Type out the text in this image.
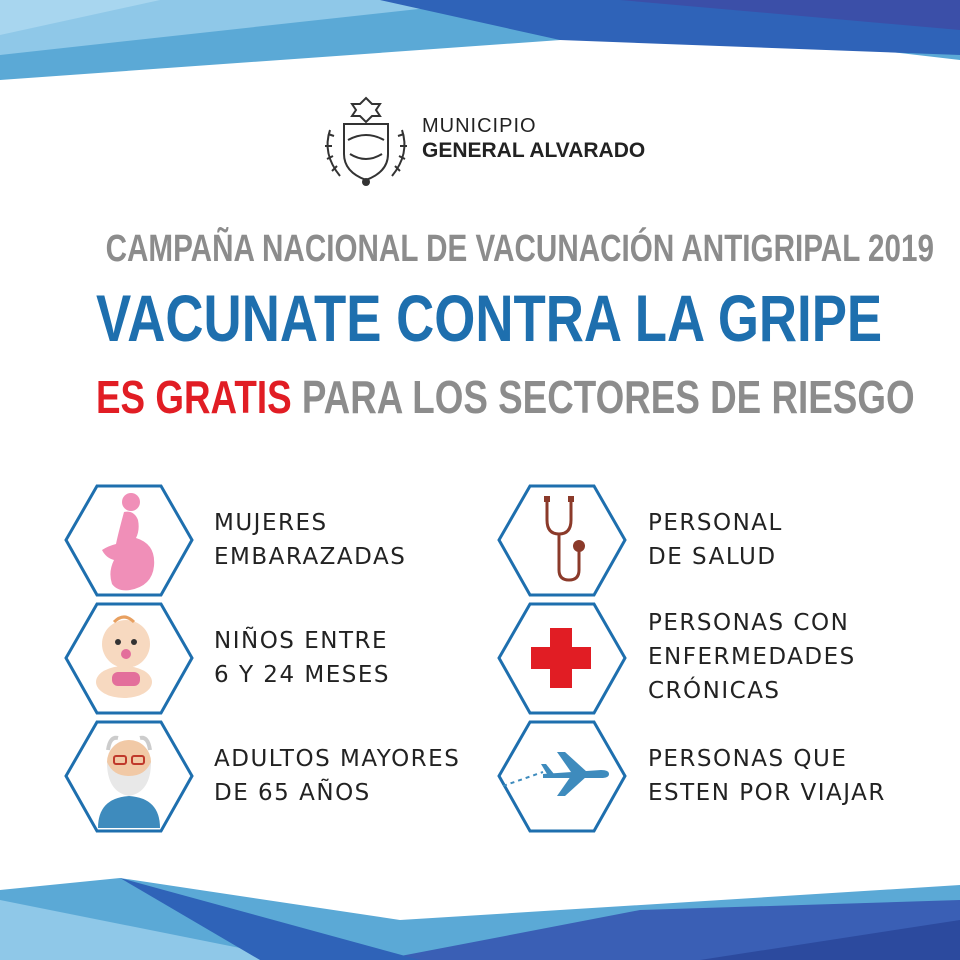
MUNICIPIO
GENERAL ALVARADO
CAMPAÑA NACIONAL DE VACUNACIÓN ANTIGRIPAL 2019
VACUNATE CONTRA LA GRIPE
ES GRATIS PARA LOS SECTORES DE RIESGO
MUJERES
EMBARAZADAS
NIÑOS ENTRE
6 Y 24 MESES
ADULTOS MAYORES
DE 65 AÑOS
PERSONAL
DE SALUD
PERSONAS CON
ENFERMEDADES
CRÓNICAS
PERSONAS QUE
ESTEN POR VIAJAR
